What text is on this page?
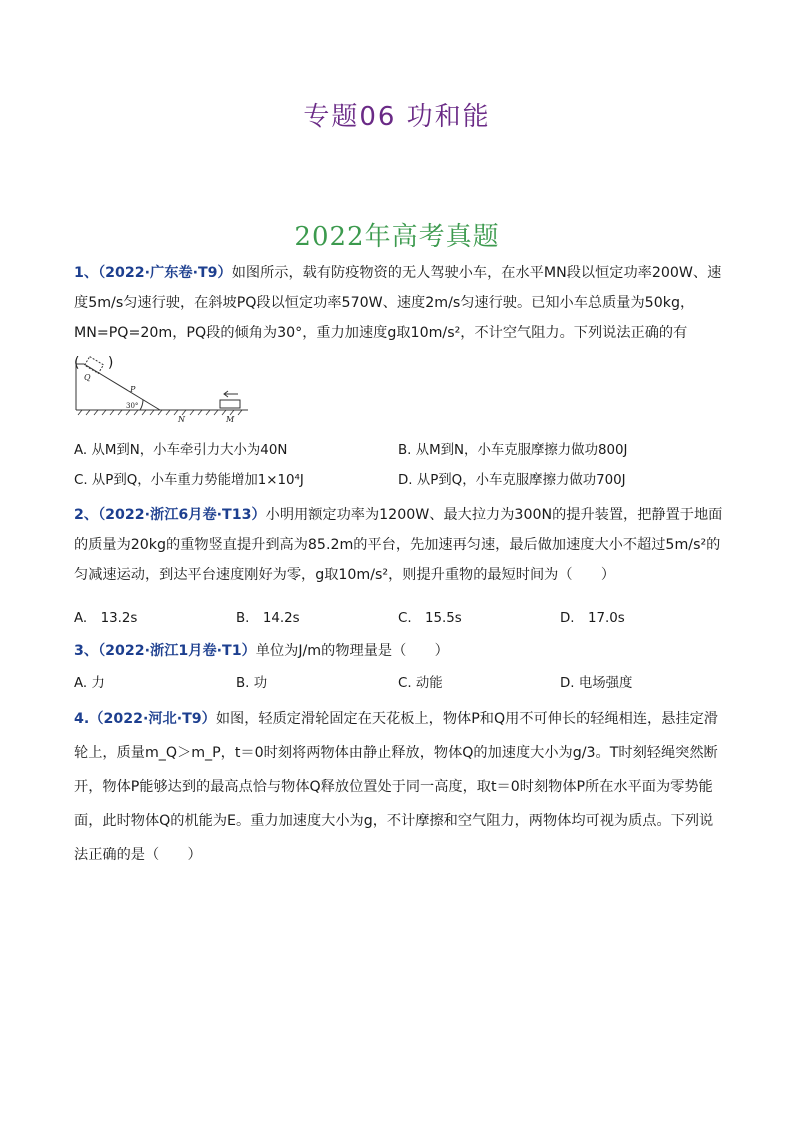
专题06 功和能
2022年高考真题
1、（2022·广东卷·T9）如图所示，载有防疫物资的无人驾驶小车，在水平MN段以恒定功率200W、速度5m/s匀速行驶，在斜坡PQ段以恒定功率570W、速度2m/s匀速行驶。已知小车总质量为50kg，MN=PQ=20m，PQ段的倾角为30°，重力加速度g取10m/s²，不计空气阻力。下列说法正确的有(　　)
Q
P
N	M
30°
A. 从M到N，小车牵引力大小为40N	B. 从M到N，小车克服摩擦力做功800J
C. 从P到Q，小车重力势能增加1×10⁴J	D. 从P到Q，小车克服摩擦力做功700J
2、（2022·浙江6月卷·T13）小明用额定功率为1200W、最大拉力为300N的提升装置，把静置于地面的质量为20kg的重物竖直提升到高为85.2m的平台，先加速再匀速，最后做加速度大小不超过5m/s²的匀减速运动，到达平台速度刚好为零，g取10m/s²，则提升重物的最短时间为（　　）
A.　13.2s	B.　14.2s	C.　15.5s	D.　17.0s
3、（2022·浙江1月卷·T1）单位为J/m的物理量是（　　）
A. 力	B. 功	C. 动能	D. 电场强度
4.（2022·河北·T9）如图，轻质定滑轮固定在天花板上，物体P和Q用不可伸长的轻绳相连，悬挂定滑轮上，质量m_Q＞m_P，t＝0时刻将两物体由静止释放，物体Q的加速度大小为g/3。T时刻轻绳突然断开，物体P能够达到的最高点恰与物体Q释放位置处于同一高度，取t＝0时刻物体P所在水平面为零势能面，此时物体Q的机能为E。重力加速度大小为g，不计摩擦和空气阻力，两物体均可视为质点。下列说法正确的是（　　）
